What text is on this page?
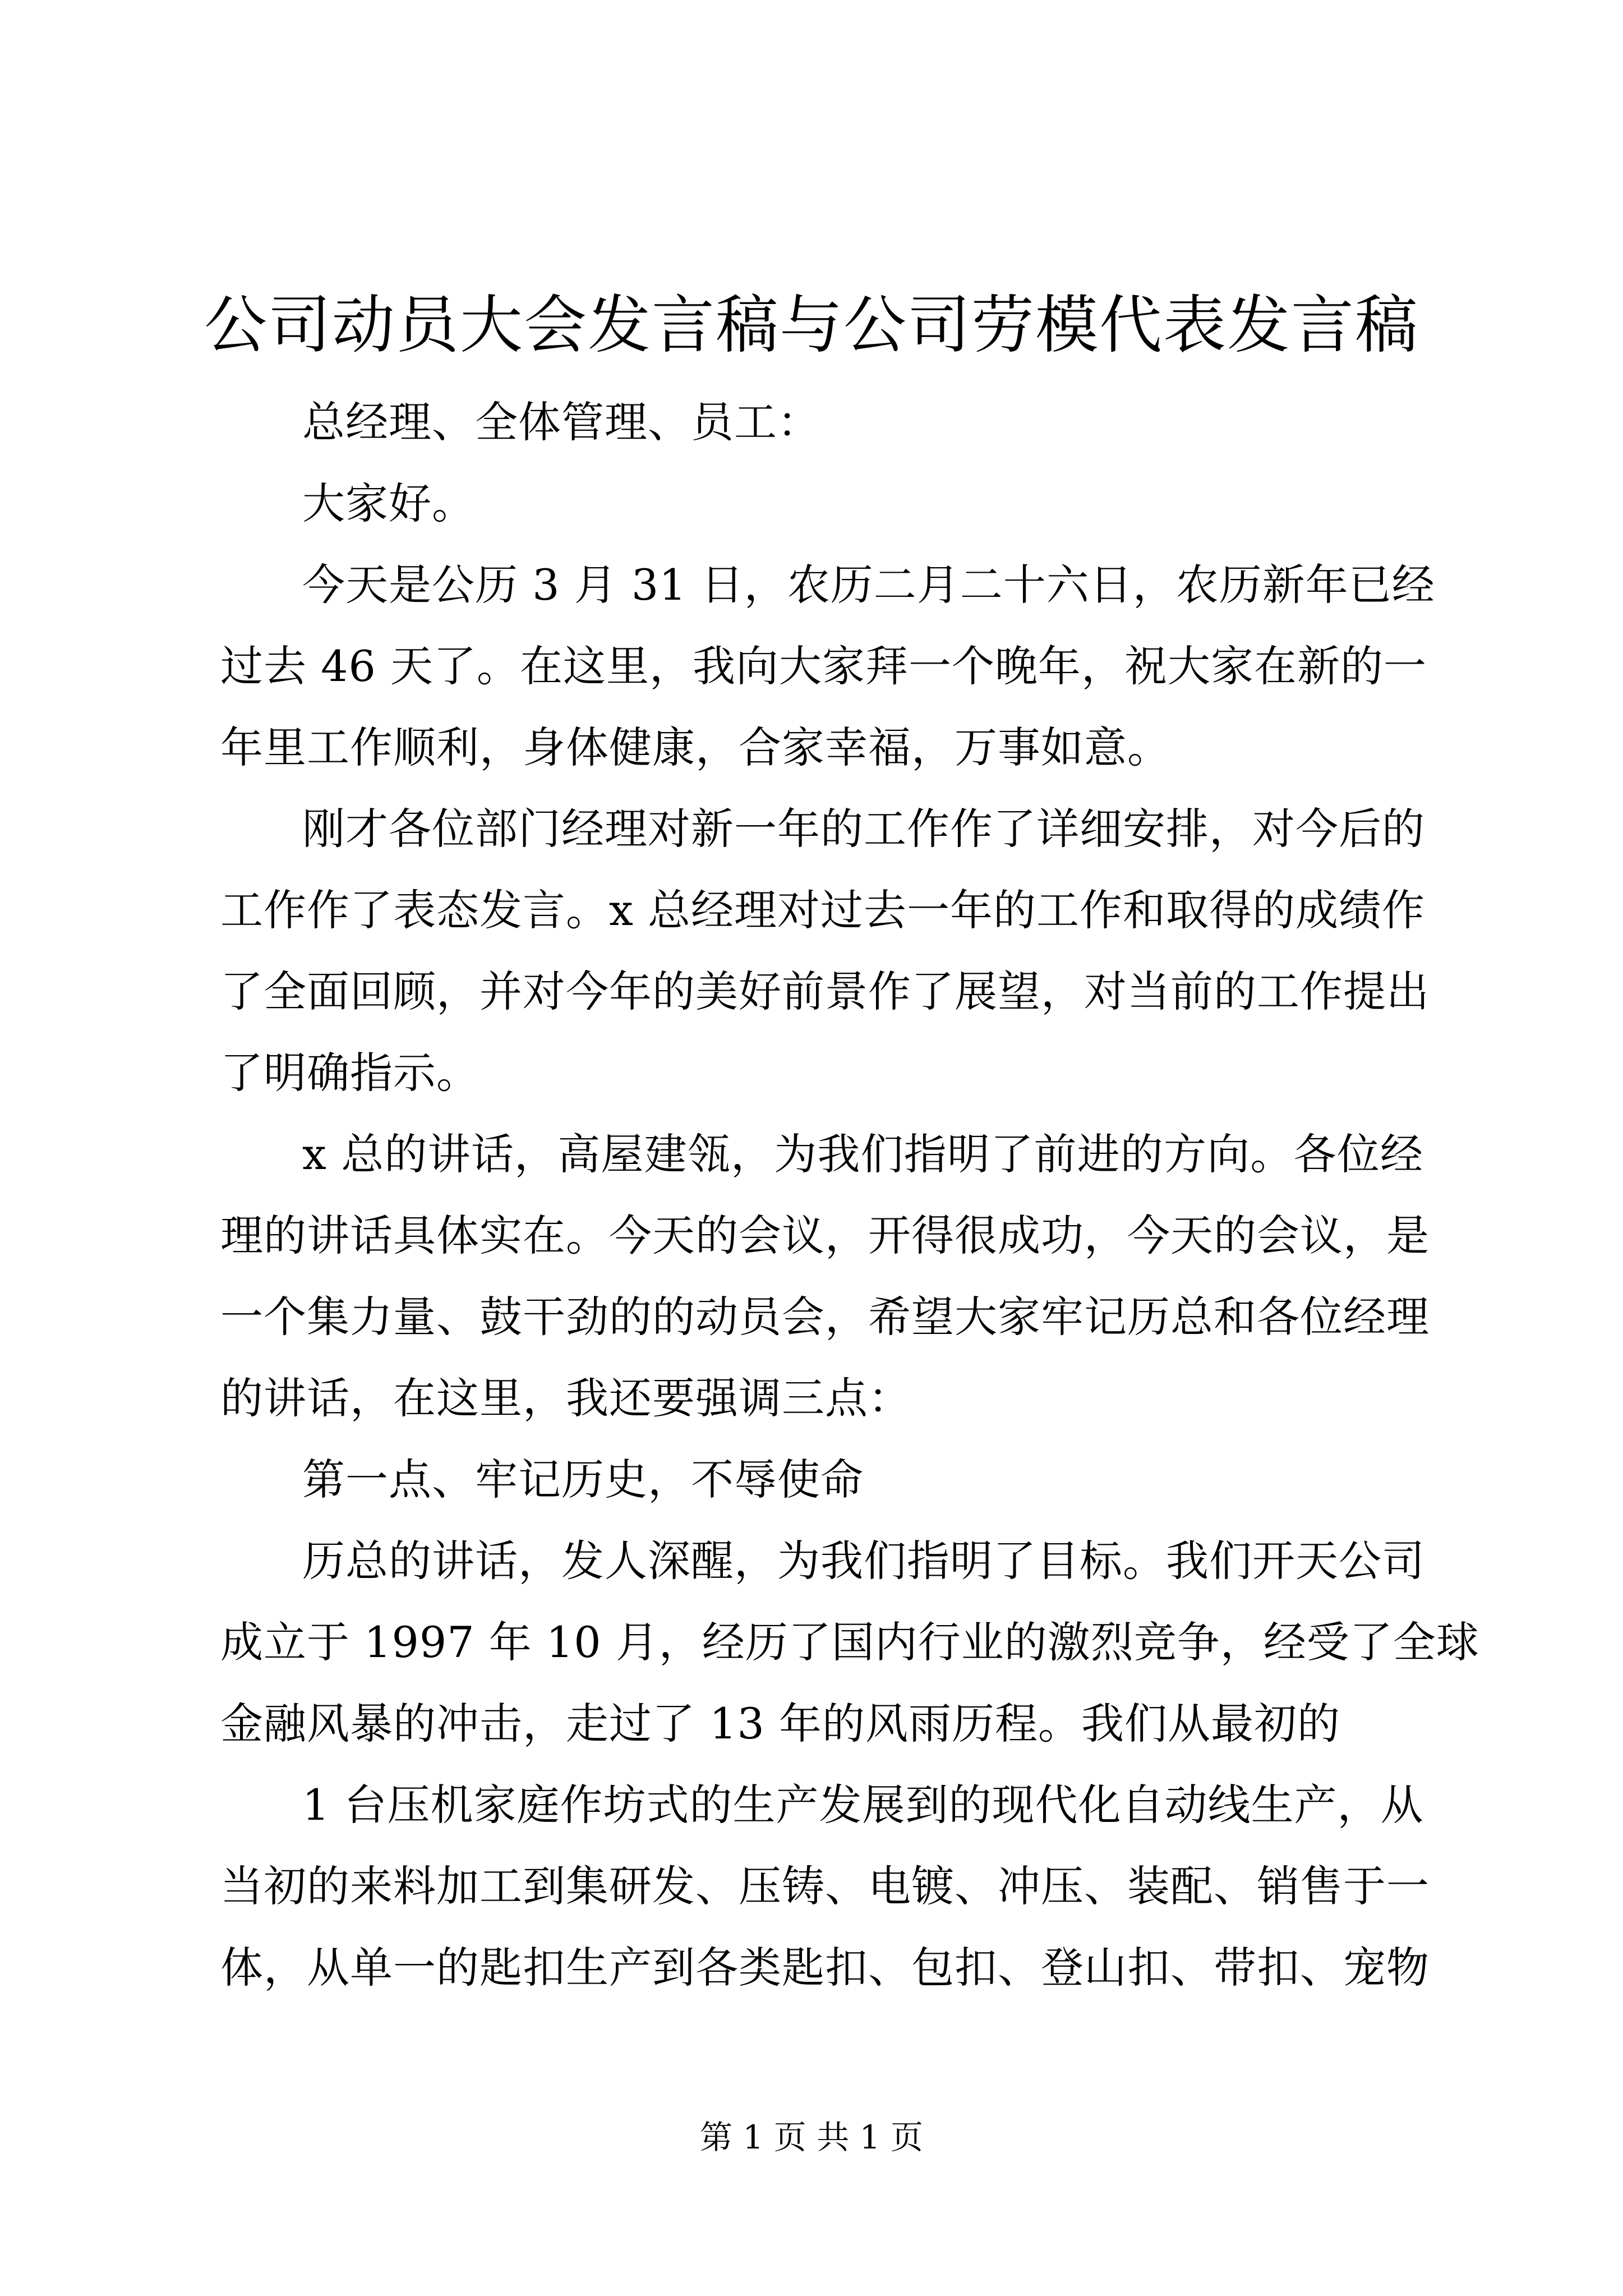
公司动员大会发言稿与公司劳模代表发言稿
总经理、全体管理、员工：
大家好。
今天是公历 3 月 31 日，农历二月二十六日，农历新年已经
过去 46 天了。在这里，我向大家拜一个晚年，祝大家在新的一
年里工作顺利，身体健康，合家幸福，万事如意。
刚才各位部门经理对新一年的工作作了详细安排，对今后的
工作作了表态发言。x 总经理对过去一年的工作和取得的成绩作
了全面回顾，并对今年的美好前景作了展望，对当前的工作提出
了明确指示。
x 总的讲话，高屋建瓴，为我们指明了前进的方向。各位经
理的讲话具体实在。今天的会议，开得很成功，今天的会议，是
一个集力量、鼓干劲的的动员会，希望大家牢记历总和各位经理
的讲话，在这里，我还要强调三点：
第一点、牢记历史，不辱使命
历总的讲话，发人深醒，为我们指明了目标。我们开天公司
成立于 1997 年 10 月，经历了国内行业的激烈竞争，经受了全球
金融风暴的冲击，走过了 13 年的风雨历程。我们从最初的
1 台压机家庭作坊式的生产发展到的现代化自动线生产，从
当初的来料加工到集研发、压铸、电镀、冲压、装配、销售于一
体，从单一的匙扣生产到各类匙扣、包扣、登山扣、带扣、宠物
第 1 页 共 1 页
